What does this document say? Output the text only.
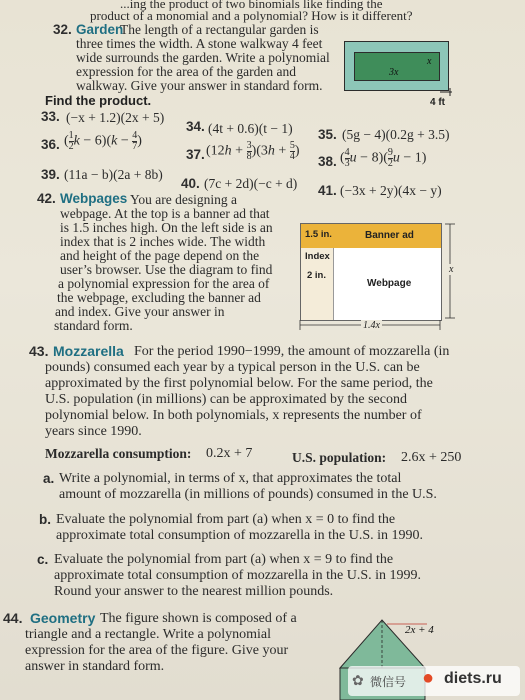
...ing the product of two binomials like finding the
product of a monomial and a polynomial? How is it different?
32. Garden
The length of a rectangular garden is
three times the width. A stone walkway 4 feet
wide surrounds the garden. Write a polynomial
expression for the area of the garden and
walkway. Give your answer in standard form.
x
3x
4 ft
Find the product.
33. (−x + 1.2)(2x + 5)
34. (4t + 0.6)(t − 1) 35. (5g − 4)(0.2g + 3.5)
36. ( $\frac{1}{2}$ $k - 6)(k - \frac{4}{7}$ )
37. $(12h + \frac{3}{8} )(3h + \frac{5}{4}$ )
38. ( $\frac{4}{3}$ $u - 8)( \frac{9}{2}$ u − 1)
39. (11a − b)(2a + 8b)
40. (7c + 2d)(−c + d) 41. (−3x + 2y)(4x − y)
42. Webpages You are designing a
webpage. At the top is a banner ad that
is 1.5 inches high. On the left side is an
index that is 2 inches wide. The width
and height of the page depend on the
user’s browser. Use the diagram to find
a polynomial expression for the area of
the webpage, excluding the banner ad
and index. Give your answer in
standard form.
1.5 in.	Banner ad
Index
2 in.
Webpage
x
1.4x
43. Mozzarella For the period 1990−1999, the amount of mozzarella (in
pounds) consumed each year by a typical person in the U.S. can be
approximated by the first polynomial below. For the same period, the
U.S. population (in millions) can be approximated by the second
polynomial below. In both polynomials, x represents the number of
years since 1990.
Mozzarella consumption: 0.2x + 7	U.S. population: 2.6x + 250
a. Write a polynomial, in terms of x, that approximates the total
amount of mozzarella (in millions of pounds) consumed in the U.S.
b. Evaluate the polynomial from part (a) when x = 0 to find the
approximate total consumption of mozzarella in the U.S. in 1990.
c. Evaluate the polynomial from part (a) when x = 9 to find the
approximate total consumption of mozzarella in the U.S. in 1999.
Round your answer to the nearest million pounds.
44. Geometry The figure shown is composed of a
triangle and a rectangle. Write a polynomial
expression for the area of the figure. Give your
answer in standard form.
2x + 4
✿ 微信号 ● diets.ru
